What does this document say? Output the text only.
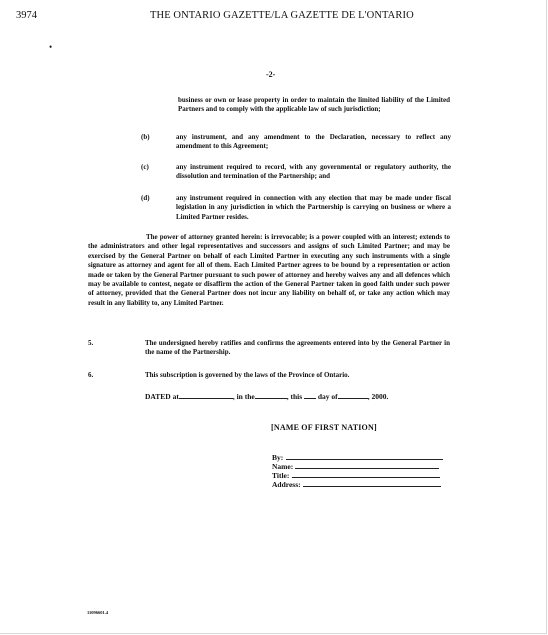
3974	THE ONTARIO GAZETTE/LA GAZETTE DE L'ONTARIO
•
-2-
business or own or lease property in order to maintain the limited liability of the Limited Partners and to comply with the applicable law of such jurisdiction;
(b)	any instrument, and any amendment to the Declaration, necessary to reflect any amendment to this Agreement;
(c)	any instrument required to record, with any governmental or regulatory authority, the dissolution and termination of the Partnership; and
(d)	any instrument required in connection with any election that may be made under fiscal legislation in any jurisdiction in which the Partnership is carrying on business or where a Limited Partner resides.
The power of attorney granted herein: is irrevocable; is a power coupled with an interest; extends to the administrators and other legal representatives and successors and assigns of such Limited Partner; and may be exercised by the General Partner on behalf of each Limited Partner in executing any such instruments with a single signature as attorney and agent for all of them. Each Limited Partner agrees to be bound by a representation or action made or taken by the General Partner pursuant to such power of attorney and hereby waives any and all defences which may be available to contest, negate or disaffirm the action of the General Partner taken in good faith under such power of attorney, provided that the General Partner does not incur any liability on behalf of, or take any action which may result in any liability to, any Limited Partner.
5.	The undersigned hereby ratifies and confirms the agreements entered into by the General Partner in the name of the Partnership.
6.	This subscription is governed by the laws of the Province of Ontario.
DATED at	, in the	, this day of	, 2000.
[NAME OF FIRST NATION]
By:
Name:
Title:
Address:
11096601.4
